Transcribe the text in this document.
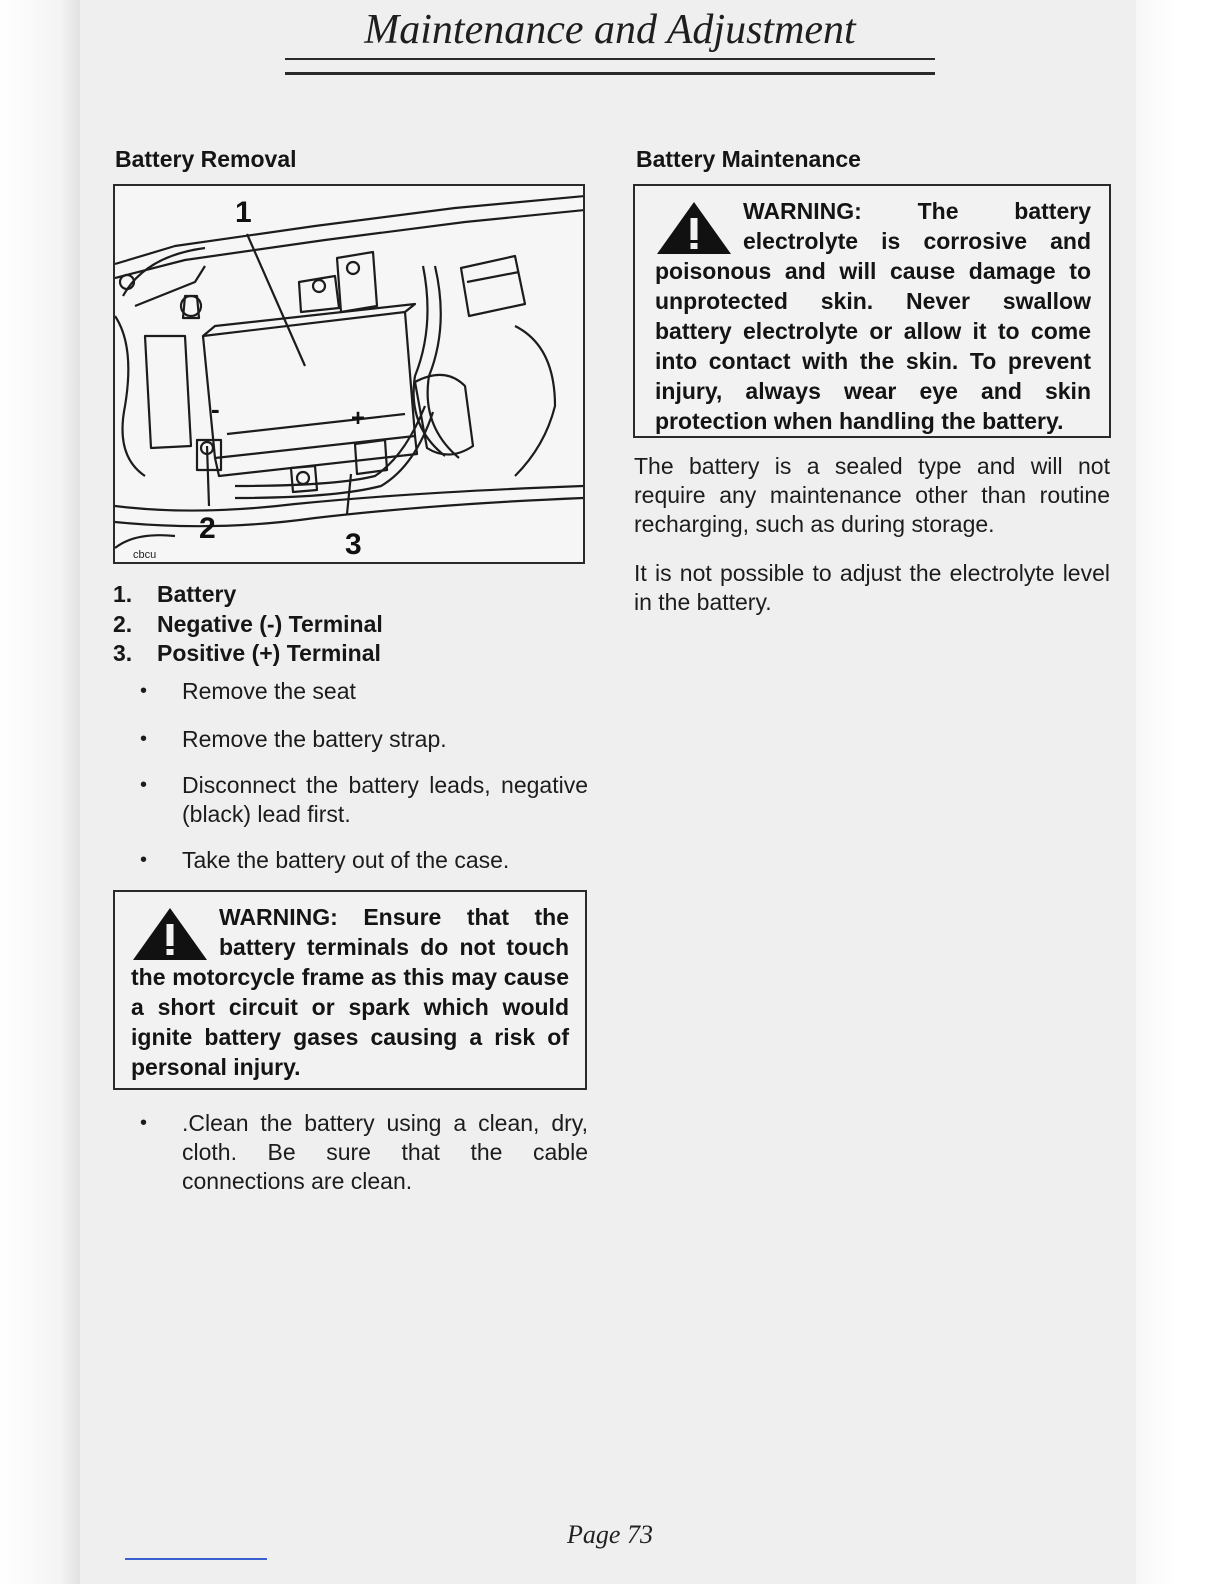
Maintenance and Adjustment
Battery Removal
1
2	3
-	+
cbcu
1. Battery
2. Negative (-) Terminal
3. Positive (+) Terminal
•	Remove the seat
•	Remove the battery strap.
•	Disconnect the battery leads, negative (black) lead first.
•	Take the battery out of the case.

WARNING: Ensure that the battery terminals do not touch the motorcycle frame as this may cause a short circuit or spark which would ignite battery gases causing a risk of personal injury.

•	.Clean the battery using a clean, dry, cloth. Be sure that the cable connections are clean.
Battery Maintenance

WARNING: The battery electrolyte is corrosive and poisonous and will cause damage to unprotected skin. Never swallow battery electrolyte or allow it to come into contact with the skin. To prevent injury, always wear eye and skin protection when handling the battery.

The battery is a sealed type and will not require any maintenance other than routine recharging, such as during storage.

It is not possible to adjust the electrolyte level in the battery.

Page 73
